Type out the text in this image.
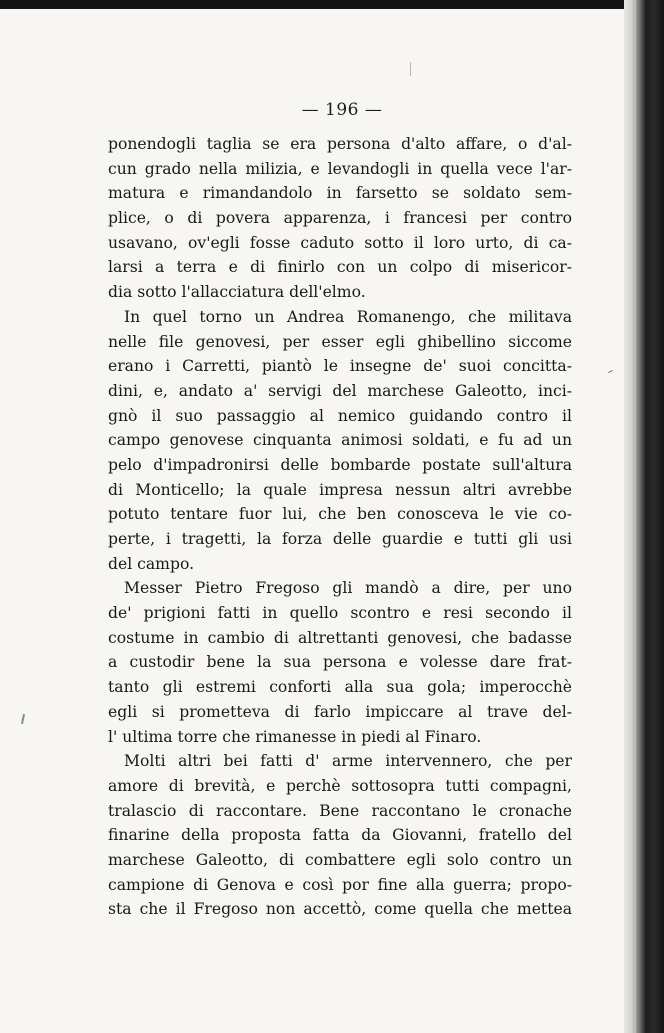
— 196 —
ponendogli taglia se era persona d'alto affare, o d'al-
cun grado nella milizia, e levandogli in quella vece l'ar-
matura e rimandandolo in farsetto se soldato sem-
plice, o di povera apparenza, i francesi per contro
usavano, ov'egli fosse caduto sotto il loro urto, di ca-
larsi a terra e di finirlo con un colpo di misericor-
dia sotto l'allacciatura dell'elmo.
In quel torno un Andrea Romanengo, che militava
nelle file genovesi, per esser egli ghibellino siccome
erano i Carretti, piantò le insegne de' suoi concitta-
dini, e, andato a' servigi del marchese Galeotto, inci-
gnò il suo passaggio al nemico guidando contro il
campo genovese cinquanta animosi soldati, e fu ad un
pelo d'impadronirsi delle bombarde postate sull'altura
di Monticello; la quale impresa nessun altri avrebbe
potuto tentare fuor lui, che ben conosceva le vie co-
perte, i tragetti, la forza delle guardie e tutti gli usi
del campo.
Messer Pietro Fregoso gli mandò a dire, per uno
de' prigioni fatti in quello scontro e resi secondo il
costume in cambio di altrettanti genovesi, che badasse
a custodir bene la sua persona e volesse dare frat-
tanto gli estremi conforti alla sua gola; imperocchè
egli si prometteva di farlo impiccare al trave del-
l' ultima torre che rimanesse in piedi al Finaro.
Molti altri bei fatti d' arme intervennero, che per
amore di brevità, e perchè sottosopra tutti compagni,
tralascio di raccontare. Bene raccontano le cronache
finarine della proposta fatta da Giovanni, fratello del
marchese Galeotto, di combattere egli solo contro un
campione di Genova e così por fine alla guerra; propo-
sta che il Fregoso non accettò, come quella che mettea
